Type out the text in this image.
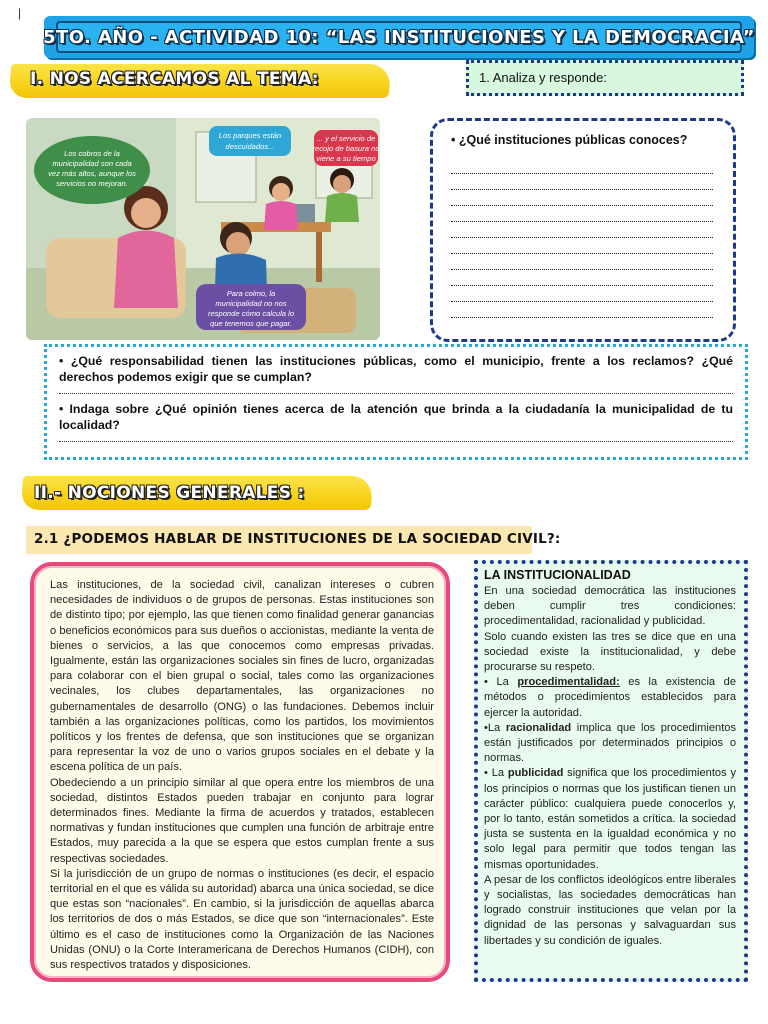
|
5TO. AÑO - ACTIVIDAD 10: “LAS INSTITUCIONES Y LA DEMOCRACIA”
I. NOS ACERCAMOS AL TEMA:	1. Analiza y responde:
Los cobros de la
municipalidad son cada
vez más altos, aunque los
servicios no mejoran.
Los parques están
descuidados...
... y el servicio de
recojo de basura no
viene a su tiempo
Para colmo, la
municipalidad no nos
responde cómo calcula lo
que tenemos que pagar.
• ¿Qué instituciones públicas conoces?
• ¿Qué responsabilidad tienen las instituciones públicas, como el municipio, frente a los reclamos? ¿Qué derechos podemos exigir que se cumplan?
• Indaga sobre ¿Qué opinión tienes acerca de la atención que brinda a la ciudadanía la municipalidad de tu localidad?
II.- NOCIONES GENERALES :
2.1 ¿PODEMOS HABLAR DE INSTITUCIONES DE LA SOCIEDAD CIVIL?:

Las instituciones, de la sociedad civil, canalizan intereses o cubren necesidades de individuos o de grupos de personas. Estas instituciones son de distinto tipo; por ejemplo, las que tienen como finalidad generar ganancias o beneficios económicos para sus dueños o accionistas, mediante la venta de bienes o servicios, a las que conocemos como empresas privadas. Igualmente, están las organizaciones sociales sin fines de lucro, organizadas para colaborar con el bien grupal o social, tales como las organizaciones vecinales, los clubes departamentales, las organizaciones no gubernamentales de desarrollo (ONG) o las fundaciones. Debemos incluir también a las organizaciones políticas, como los partidos, los movimientos políticos y los frentes de defensa, que son instituciones que se organizan para representar la voz de uno o varios grupos sociales en el debate y la escena política de un país.

Obedeciendo a un principio similar al que opera entre los miembros de una sociedad, distintos Estados pueden trabajar en conjunto para lograr determinados fines. Mediante la firma de acuerdos y tratados, establecen normativas y fundan instituciones que cumplen una función de arbitraje entre Estados, muy parecida a la que se espera que estos cumplan frente a sus respectivas sociedades.

Si la jurisdicción de un grupo de normas o instituciones (es decir, el espacio territorial en el que es válida su autoridad) abarca una única sociedad, se dice que estas son “nacionales”. En cambio, si la jurisdicción de aquellas abarca los territorios de dos o más Estados, se dice que son “internacionales”. Este último es el caso de instituciones como la Organización de las Naciones Unidas (ONU) o la Corte Interamericana de Derechos Humanos (CIDH), con sus respectivos tratados y disposiciones.

LA INSTITUCIONALIDAD

En una sociedad democrática las instituciones deben cumplir tres condiciones: procedimentalidad, racionalidad y publicidad.

Solo cuando existen las tres se dice que en una sociedad existe la institucionalidad, y debe procurarse su respeto.

• La procedimentalidad: es la existencia de métodos o procedimientos establecidos para ejercer la autoridad.

•La racionalidad implica que los procedimientos están justificados por determinados principios o normas.

• La publicidad significa que los procedimientos y los principios o normas que los justifican tienen un carácter público: cualquiera puede conocerlos y, por lo tanto, están sometidos a crítica. la sociedad justa se sustenta en la igualdad económica y no solo legal para permitir que todos tengan las mismas oportunidades.

A pesar de los conflictos ideológicos entre liberales y socialistas, las sociedades democráticas han logrado construir instituciones que velan por la dignidad de las personas y salvaguardan sus libertades y su condición de iguales.
